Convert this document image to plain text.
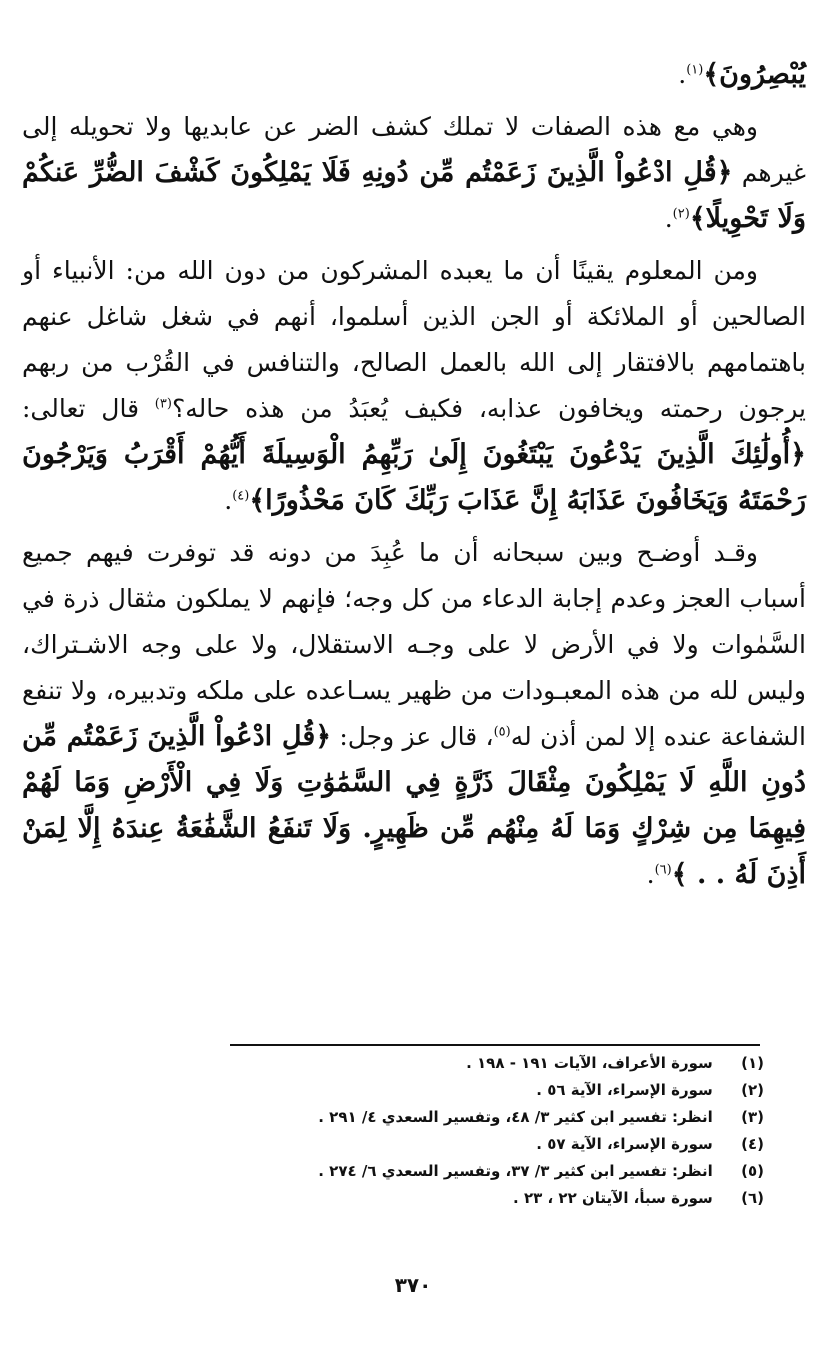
يُبْصِرُونَ﴾$^{(١)}$.

وهي مع هذه الصفات لا تملك كشف الضر عن عابديها ولا تحويله إلى غيرهم ﴿قُلِ ادْعُواْ الَّذِينَ زَعَمْتُم مِّن دُونِهِ فَلَا يَمْلِكُونَ كَشْفَ الضُّرِّ عَنكُمْ وَلَا تَحْوِيلًا﴾$^{(٢)}$.

ومن المعلوم يقينًا أن ما يعبده المشركون من دون الله من: الأنبياء أو الصالحين أو الملائكة أو الجن الذين أسلموا، أنهم في شغل شاغل عنهم باهتمامهم بالافتقار إلى الله بالعمل الصالح، والتنافس في القُرْب من ربهم يرجون رحمته ويخافون عذابه، فكيف يُعبَدُ من هذه حاله؟$^{(٣)}$ قال تعالى: ﴿أُولَٰئِكَ الَّذِينَ يَدْعُونَ يَبْتَغُونَ إِلَىٰ رَبِّهِمُ الْوَسِيلَةَ أَيُّهُمْ أَقْرَبُ وَيَرْجُونَ رَحْمَتَهُ وَيَخَافُونَ عَذَابَهُ إِنَّ عَذَابَ رَبِّكَ كَانَ مَحْذُورًا﴾$^{(٤)}$.

وقـد أوضـح وبين سبحانه أن ما عُبِدَ من دونه قد توفرت فيهم جميع أسباب العجز وعدم إجابة الدعاء من كل وجه؛ فإنهم لا يملكون مثقال ذرة في السَّمٰوات ولا في الأرض لا على وجـه الاستقلال، ولا على وجه الاشـتراك، وليس لله من هذه المعبـودات من ظهير يسـاعده على ملكه وتدبيره، ولا تنفع الشفاعة عنده إلا لمن أذن له$^{(٥)}$، قال عز وجل: ﴿قُلِ ادْعُواْ الَّذِينَ زَعَمْتُم مِّن دُونِ اللَّهِ لَا يَمْلِكُونَ مِثْقَالَ ذَرَّةٍ فِي السَّمَٰوَٰتِ وَلَا فِي الْأَرْضِ وَمَا لَهُمْ فِيهِمَا مِن شِرْكٍ وَمَا لَهُ مِنْهُم مِّن ظَهِيرٍ. وَلَا تَنفَعُ الشَّفَٰعَةُ عِندَهُ إِلَّا لِمَنْ أَذِنَ لَهُ . . ﴾$^{(٦)}$.

(١) سورة الأعراف، الآيات ١٩١ - ١٩٨ .
(٢) سورة الإسراء، الآية ٥٦ .
(٣) انظر: تفسير ابن كثير ٣/ ٤٨، وتفسير السعدي ٤/ ٢٩١ .
(٤) سورة الإسراء، الآية ٥٧ .
(٥) انظر: تفسير ابن كثير ٣/ ٣٧، وتفسير السعدي ٦/ ٢٧٤ .
(٦) سورة سبأ، الآيتان ٢٢ ، ٢٣ .
٣٧٠
